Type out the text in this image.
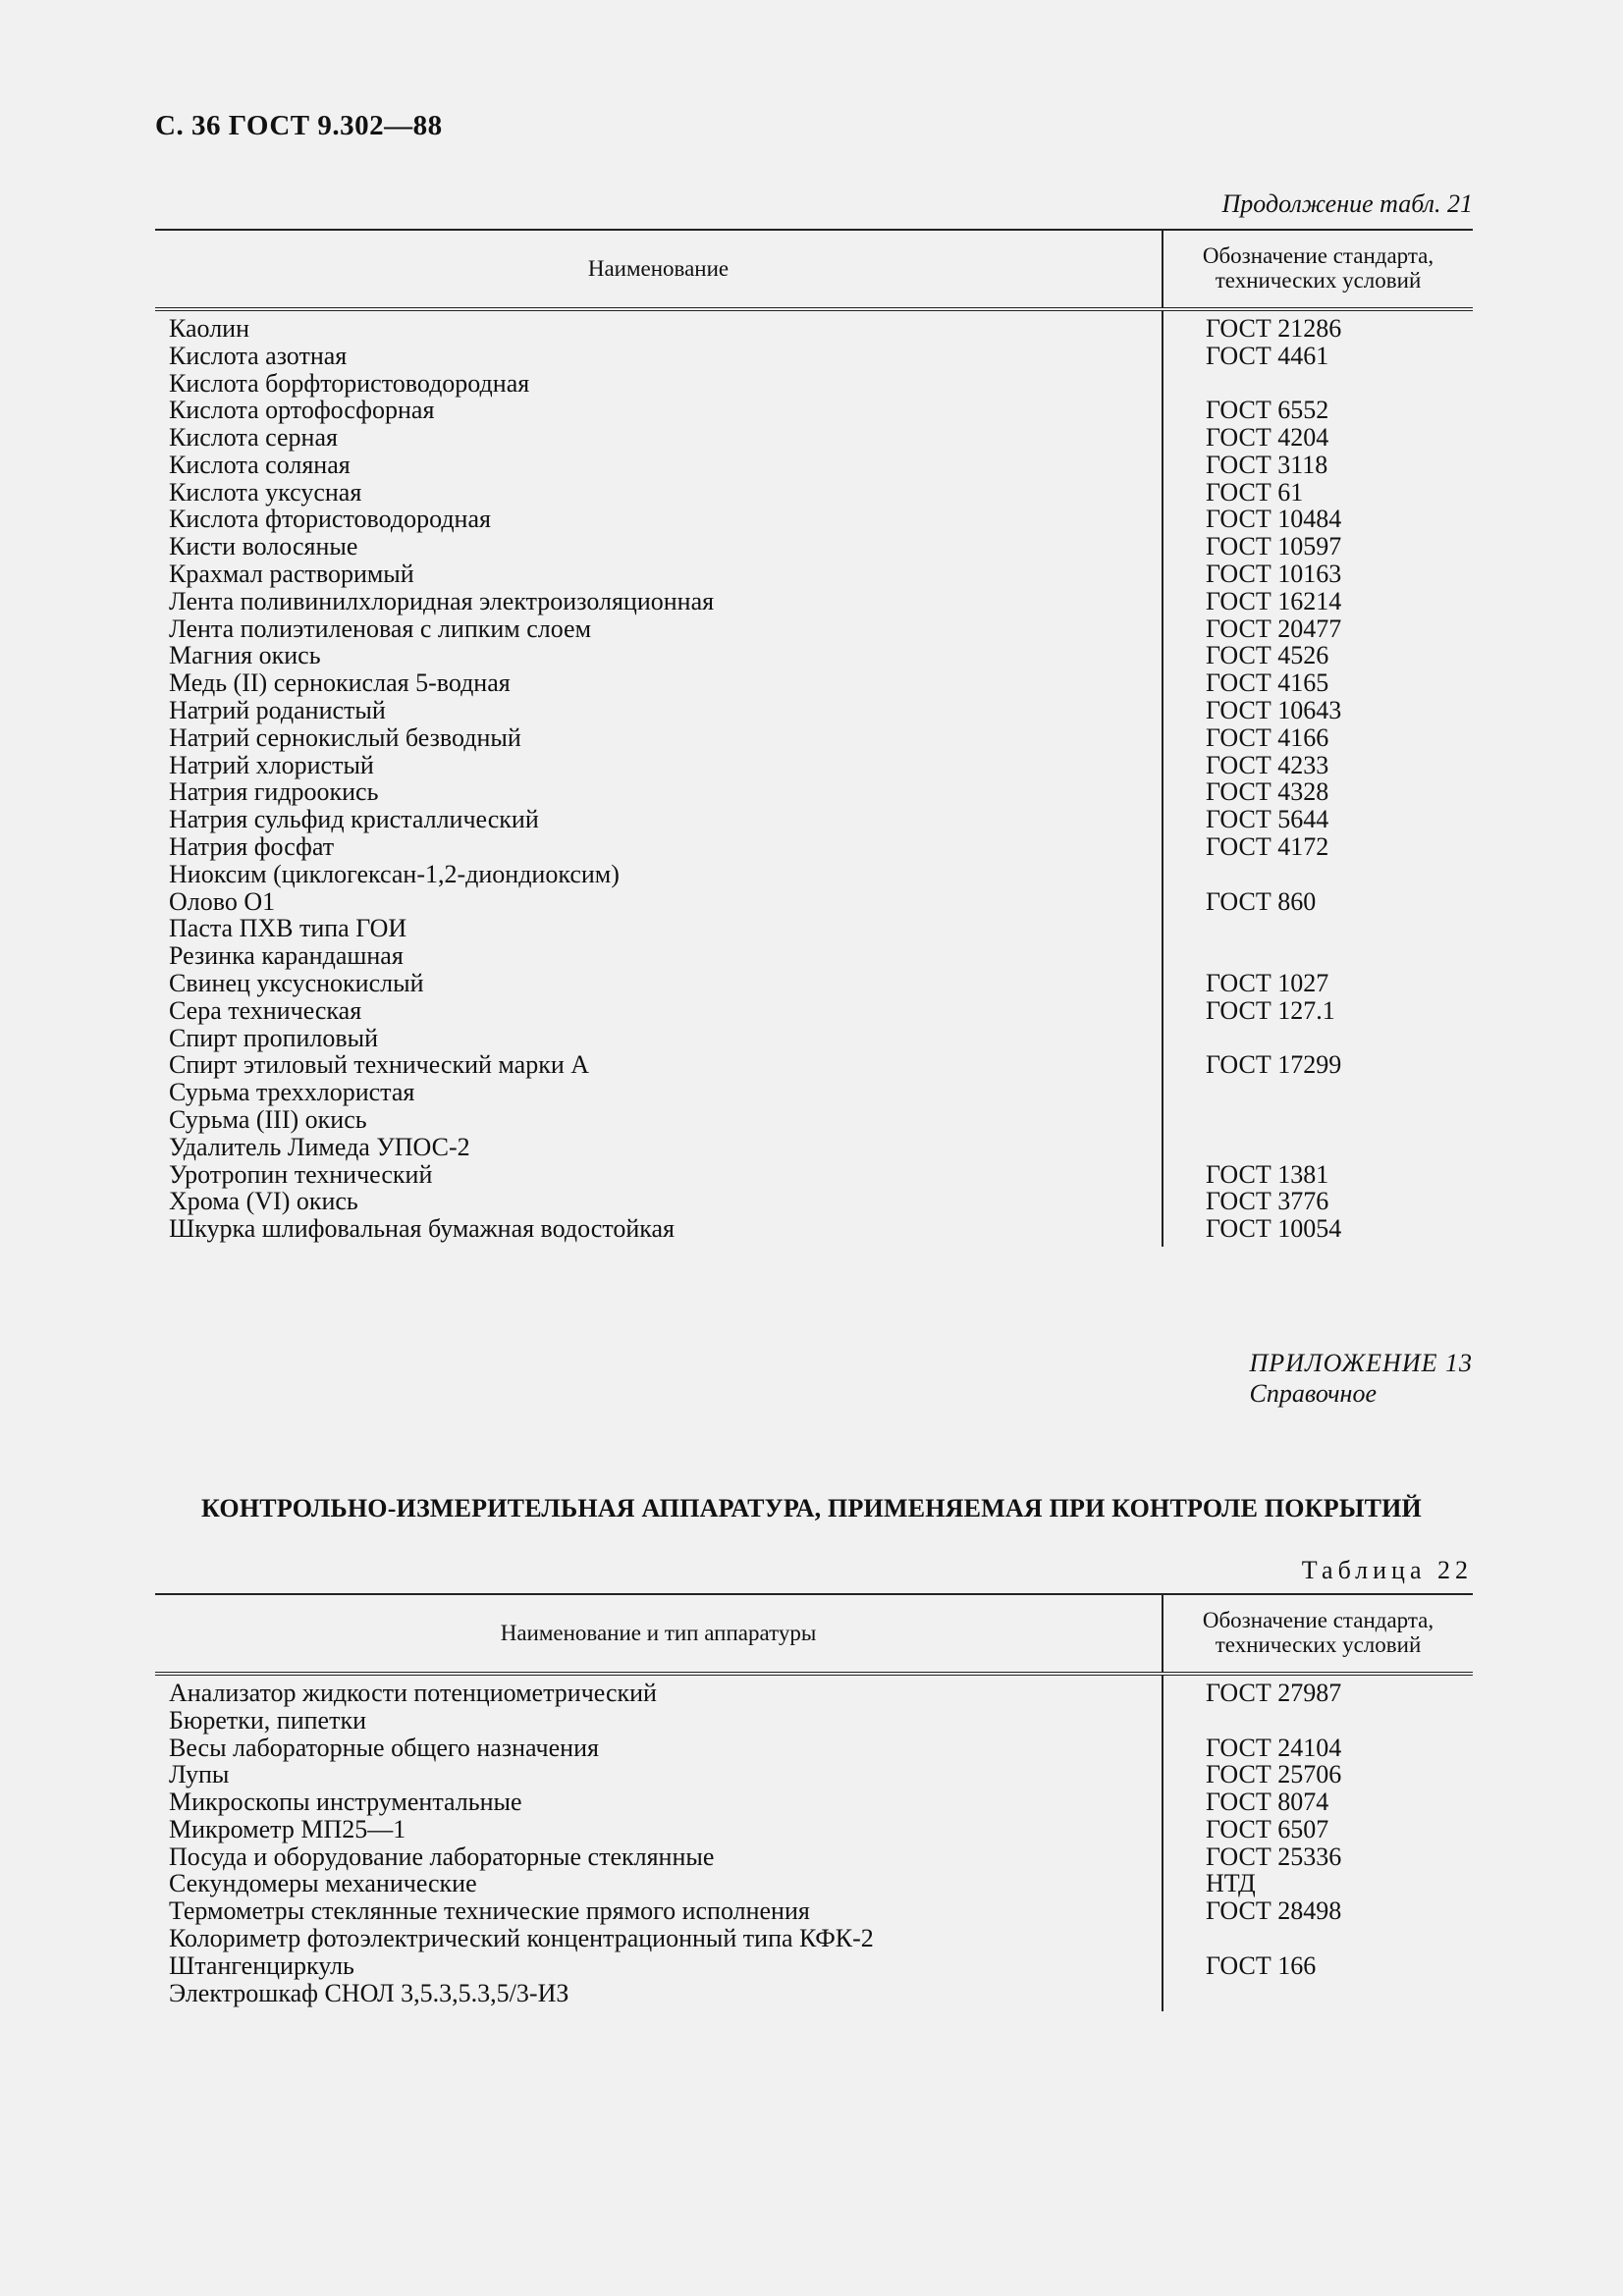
С. 36 ГОСТ 9.302—88
Продолжение табл. 21
Наименование
Обозначение стандарта,
технических условий
Каолин	ГОСТ 21286
Кислота азотная	ГОСТ 4461
Кислота борфтористоводородная
Кислота ортофосфорная	ГОСТ 6552
Кислота серная	ГОСТ 4204
Кислота соляная	ГОСТ 3118
Кислота уксусная	ГОСТ 61
Кислота фтористоводородная	ГОСТ 10484
Кисти волосяные	ГОСТ 10597
Крахмал растворимый	ГОСТ 10163
Лента поливинилхлоридная электроизоляционная	ГОСТ 16214
Лента полиэтиленовая с липким слоем	ГОСТ 20477
Магния окись	ГОСТ 4526
Медь (II) сернокислая 5-водная	ГОСТ 4165
Натрий роданистый	ГОСТ 10643
Натрий сернокислый безводный	ГОСТ 4166
Натрий хлористый	ГОСТ 4233
Натрия гидроокись	ГОСТ 4328
Натрия сульфид кристаллический	ГОСТ 5644
Натрия фосфат	ГОСТ 4172
Ниоксим (циклогексан-1,2-диондиоксим)
Олово О1	ГОСТ 860
Паста ПХВ типа ГОИ
Резинка карандашная
Свинец уксуснокислый	ГОСТ 1027
Сера техническая	ГОСТ 127.1
Спирт пропиловый
Спирт этиловый технический марки А	ГОСТ 17299
Сурьма треххлористая
Сурьма (III) окись
Удалитель Лимеда УПОС-2
Уротропин технический	ГОСТ 1381
Хрома (VI) окись	ГОСТ 3776
Шкурка шлифовальная бумажная водостойкая	ГОСТ 10054
ПРИЛОЖЕНИЕ 13
Справочное
КОНТРОЛЬНО-ИЗМЕРИТЕЛЬНАЯ АППАРАТУРА, ПРИМЕНЯЕМАЯ ПРИ КОНТРОЛЕ ПОКРЫТИЙ
Таблица 22
Наименование и тип аппаратуры
Обозначение стандарта,
технических условий
Анализатор жидкости потенциометрический	ГОСТ 27987
Бюретки, пипетки
Весы лабораторные общего назначения	ГОСТ 24104
Лупы	ГОСТ 25706
Микроскопы инструментальные	ГОСТ 8074
Микрометр МП25—1	ГОСТ 6507
Посуда и оборудование лабораторные стеклянные	ГОСТ 25336
Секундомеры механические	НТД
Термометры стеклянные технические прямого исполнения	ГОСТ 28498
Колориметр фотоэлектрический концентрационный типа КФК-2
Штангенциркуль	ГОСТ 166
Электрошкаф СНОЛ 3,5.3,5.3,5/3-ИЗ
